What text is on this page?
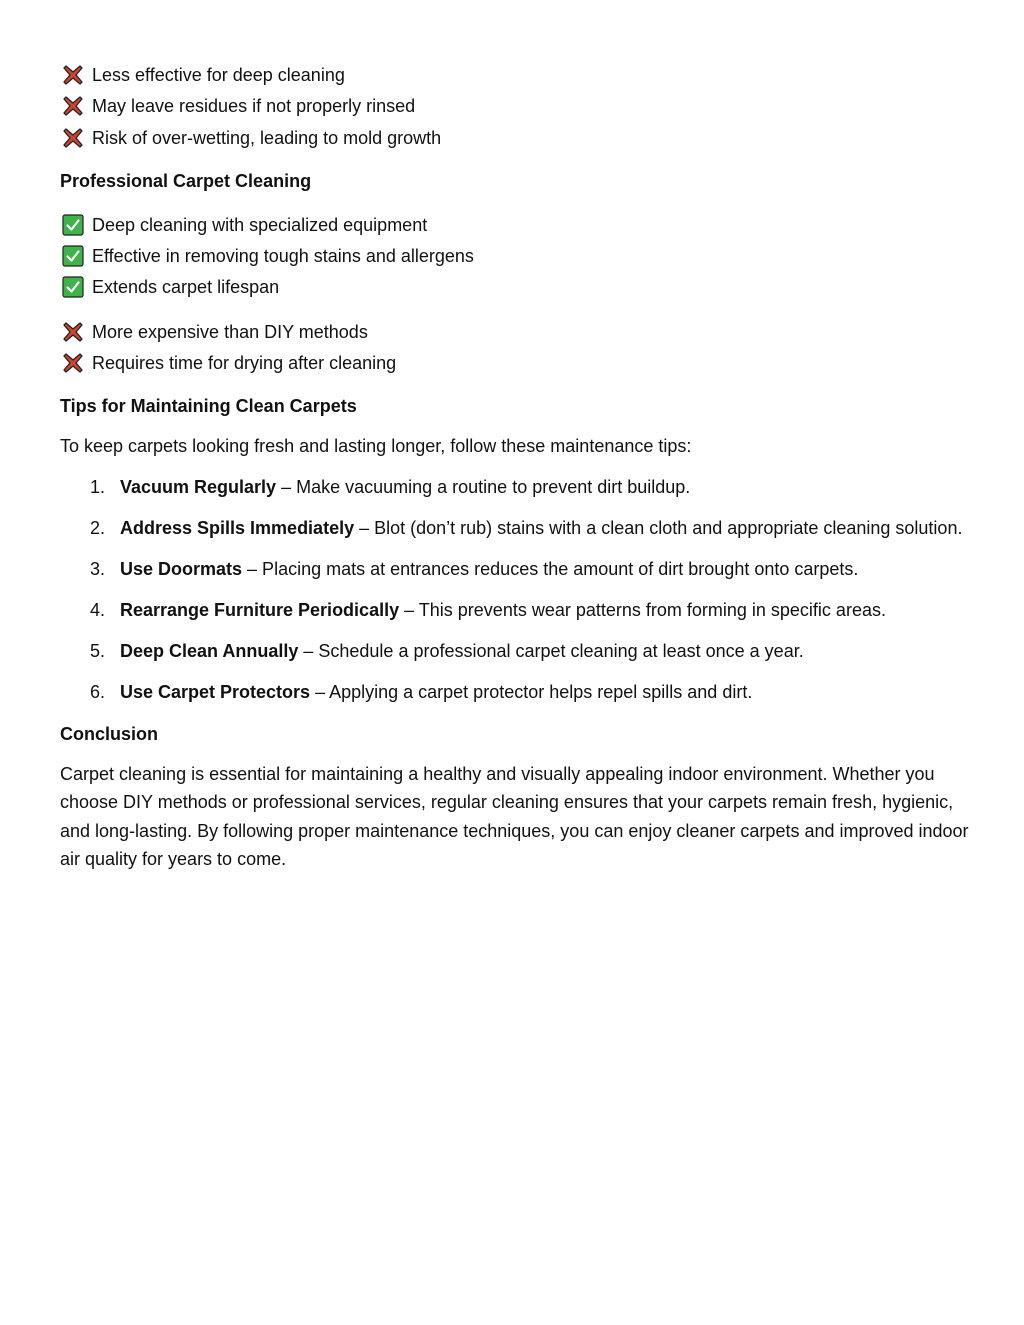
Less effective for deep cleaning
May leave residues if not properly rinsed
Risk of over-wetting, leading to mold growth
Professional Carpet Cleaning
Deep cleaning with specialized equipment
Effective in removing tough stains and allergens
Extends carpet lifespan
More expensive than DIY methods
Requires time for drying after cleaning
Tips for Maintaining Clean Carpets
To keep carpets looking fresh and lasting longer, follow these maintenance tips:
1. Vacuum Regularly – Make vacuuming a routine to prevent dirt buildup.
2. Address Spills Immediately – Blot (don’t rub) stains with a clean cloth and appropriate cleaning solution.
3. Use Doormats – Placing mats at entrances reduces the amount of dirt brought onto carpets.
4. Rearrange Furniture Periodically – This prevents wear patterns from forming in specific areas.
5. Deep Clean Annually – Schedule a professional carpet cleaning at least once a year.
6. Use Carpet Protectors – Applying a carpet protector helps repel spills and dirt.
Conclusion
Carpet cleaning is essential for maintaining a healthy and visually appealing indoor environment. Whether you choose DIY methods or professional services, regular cleaning ensures that your carpets remain fresh, hygienic, and long-lasting. By following proper maintenance techniques, you can enjoy cleaner carpets and improved indoor air quality for years to come.
